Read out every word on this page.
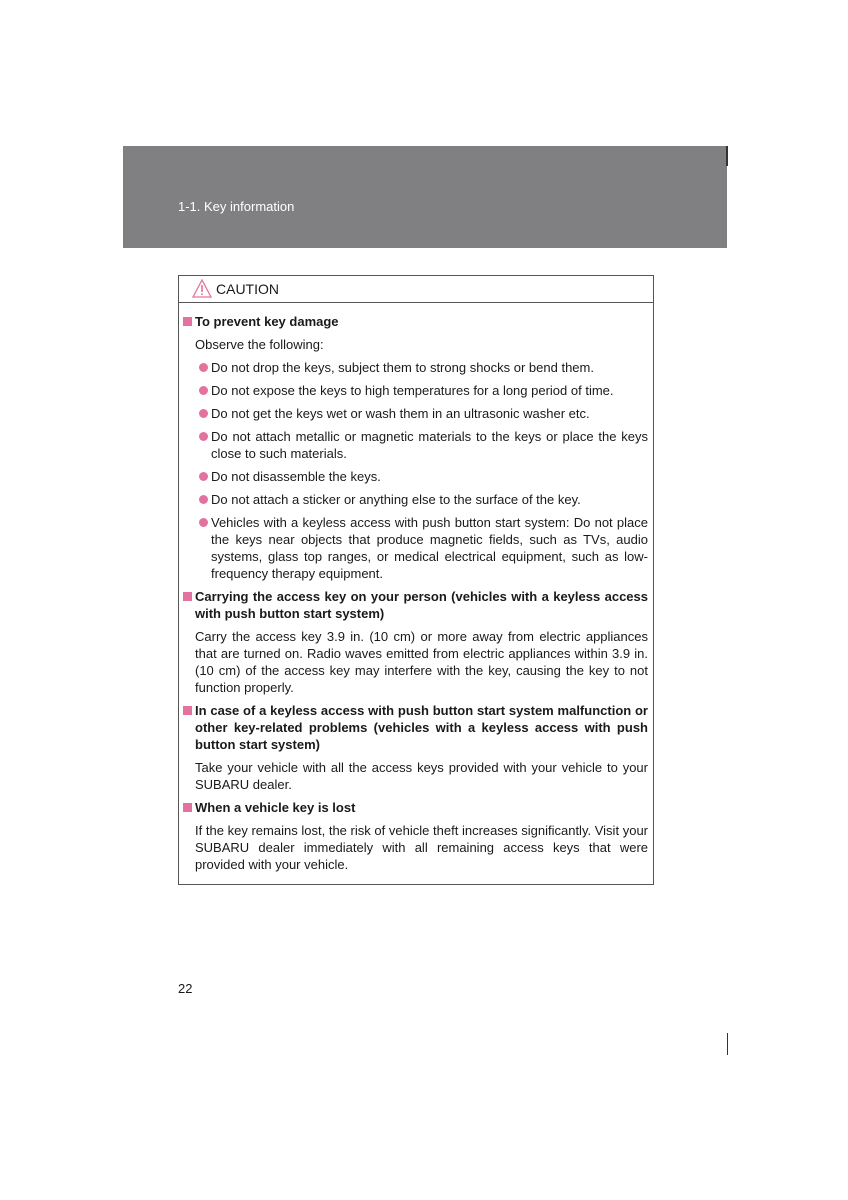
1-1. Key information
CAUTION
To prevent key damage
Observe the following:
Do not drop the keys, subject them to strong shocks or bend them.
Do not expose the keys to high temperatures for a long period of time.
Do not get the keys wet or wash them in an ultrasonic washer etc.
Do not attach metallic or magnetic materials to the keys or place the keys close to such materials.
Do not disassemble the keys.
Do not attach a sticker or anything else to the surface of the key.
Vehicles with a keyless access with push button start system: Do not place the keys near objects that produce magnetic fields, such as TVs, audio systems, glass top ranges, or medical electrical equipment, such as low-frequency therapy equipment.
Carrying the access key on your person (vehicles with a keyless access with push button start system)
Carry the access key 3.9 in. (10 cm) or more away from electric appliances that are turned on. Radio waves emitted from electric appliances within 3.9 in. (10 cm) of the access key may interfere with the key, causing the key to not function properly.
In case of a keyless access with push button start system malfunction or other key-related problems (vehicles with a keyless access with push button start system)
Take your vehicle with all the access keys provided with your vehicle to your SUBARU dealer.
When a vehicle key is lost
If the key remains lost, the risk of vehicle theft increases significantly. Visit your SUBARU dealer immediately with all remaining access keys that were provided with your vehicle.
22
